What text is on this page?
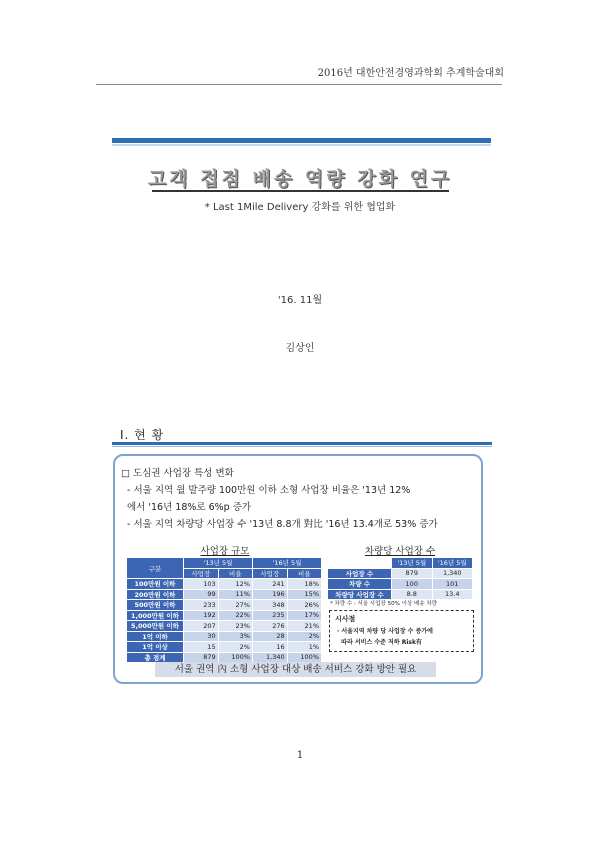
2016년 대한안전경영과학회 추계학술대회
고객 접점 배송 역량 강화 연구
* Last 1Mile Delivery 강화를 위한 협업화
'16. 11월
김상인
Ⅰ. 현 황
□ 도심권 사업장 특성 변화
- 서울 지역 월 발주량 100만원 이하 소형 사업장 비율은 '13년 12%
에서 '16년 18%로 6%p 증가
- 서울 지역 차량당 사업장 수 '13년 8.8개 對比 '16년 13.4개로 53% 증가
사업장 규모
구분	'13년 5월		'16년 5월	
	사업장	비율	사업장	비율
100만원 이하	103	12%	241	18%
200만원 이하	99	11%	196	15%
500만원 이하	233	27%	348	26%
1,000만원 이하	192	22%	235	17%
5,000만원 이하	207	23%	276	21%
1억 이하	30	3%	28	2%
1억 이상	15	2%	16	1%
총 점계	879	100%	1,340	100%
차량당 사업장 수
	'13년 5월	'16년 5월
사업장 수	879	1,340
차량 수	100	101
차량당 사업장 수	8.8	13.4
* 차량 수 : 서울 사업장 50% 이상 배송 차량
시사점
· 서울지역 차량 당 사업장 수 증가에
따라 서비스 수준 저하 Risk有
서울 권역 內 소형 사업장 대상 배송 서비스 강화 방안 필요
1
